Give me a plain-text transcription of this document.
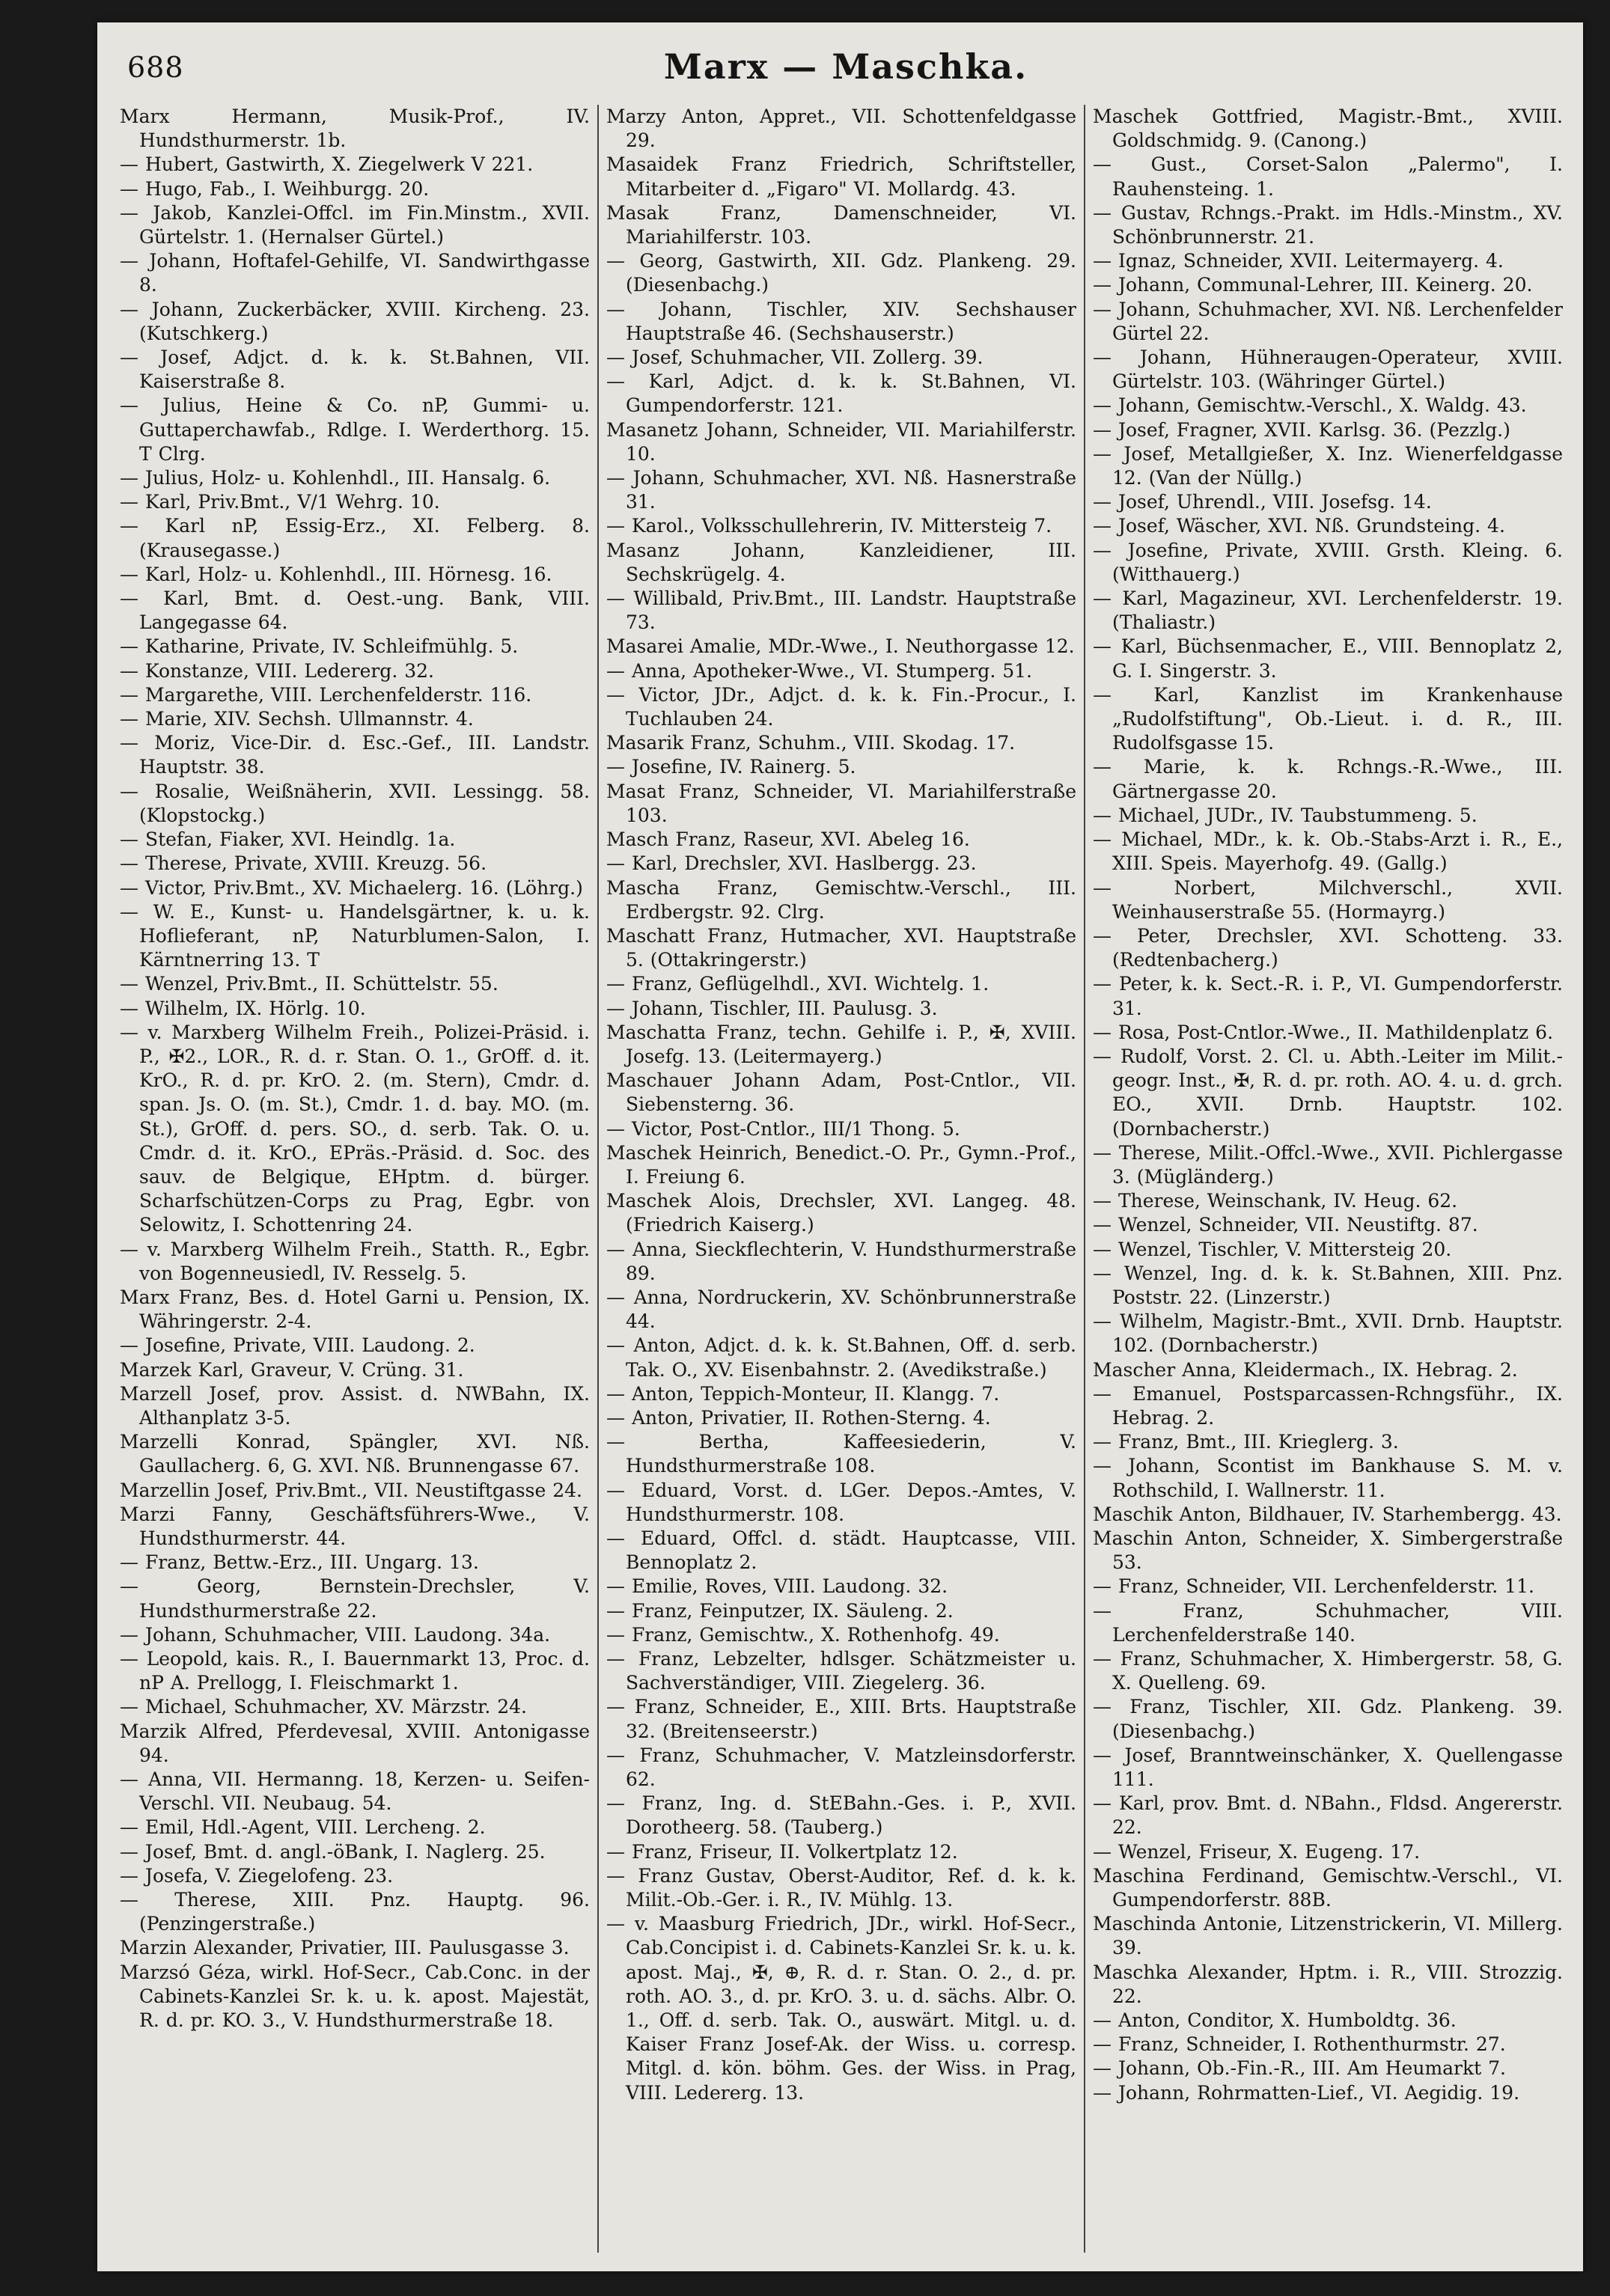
688	Marx — Maschka.
Marx Hermann, Musik-Prof., IV. Hundsthurmerstr. 1b.
— Hubert, Gastwirth, X. Ziegelwerk V 221.
— Hugo, Fab., I. Weihburgg. 20.
— Jakob, Kanzlei-Offcl. im Fin.Minstm., XVII. Gürtelstr. 1. (Hernalser Gürtel.)
— Johann, Hoftafel-Gehilfe, VI. Sandwirthgasse 8.
— Johann, Zuckerbäcker, XVIII. Kircheng. 23. (Kutschkerg.)
— Josef, Adjct. d. k. k. St.Bahnen, VII. Kaiserstraße 8.
— Julius, Heine & Co. nP, Gummi- u. Guttaperchawfab., Rdlge. I. Werderthorg. 15. T Clrg.
— Julius, Holz- u. Kohlenhdl., III. Hansalg. 6.
— Karl, Priv.Bmt., V/1 Wehrg. 10.
— Karl nP, Essig-Erz., XI. Felberg. 8. (Krausegasse.)
— Karl, Holz- u. Kohlenhdl., III. Hörnesg. 16.
— Karl, Bmt. d. Oest.-ung. Bank, VIII. Langegasse 64.
— Katharine, Private, IV. Schleifmühlg. 5.
— Konstanze, VIII. Ledererg. 32.
— Margarethe, VIII. Lerchenfelderstr. 116.
— Marie, XIV. Sechsh. Ullmannstr. 4.
— Moriz, Vice-Dir. d. Esc.-Gef., III. Landstr. Hauptstr. 38.
— Rosalie, Weißnäherin, XVII. Lessingg. 58. (Klopstockg.)
— Stefan, Fiaker, XVI. Heindlg. 1a.
— Therese, Private, XVIII. Kreuzg. 56.
— Victor, Priv.Bmt., XV. Michaelerg. 16. (Löhrg.)
— W. E., Kunst- u. Handelsgärtner, k. u. k. Hoflieferant, nP, Naturblumen-Salon, I. Kärntnerring 13. T
— Wenzel, Priv.Bmt., II. Schüttelstr. 55.
— Wilhelm, IX. Hörlg. 10.
— v. Marxberg Wilhelm Freih., Polizei-Präsid. i. P., ✠2., LOR., R. d. r. Stan. O. 1., GrOff. d. it. KrO., R. d. pr. KrO. 2. (m. Stern), Cmdr. d. span. Js. O. (m. St.), Cmdr. 1. d. bay. MO. (m. St.), GrOff. d. pers. SO., d. serb. Tak. O. u. Cmdr. d. it. KrO., EPräs.-Präsid. d. Soc. des sauv. de Belgique, EHptm. d. bürger. Scharfschützen-Corps zu Prag, Egbr. von Selowitz, I. Schottenring 24.
— v. Marxberg Wilhelm Freih., Statth. R., Egbr. von Bogenneusiedl, IV. Resselg. 5.
Marx Franz, Bes. d. Hotel Garni u. Pension, IX. Währingerstr. 2-4.
— Josefine, Private, VIII. Laudong. 2.
Marzek Karl, Graveur, V. Crüng. 31.
Marzell Josef, prov. Assist. d. NWBahn, IX. Althanplatz 3-5.
Marzelli Konrad, Spängler, XVI. Nß. Gaullacherg. 6, G. XVI. Nß. Brunnengasse 67.
Marzellin Josef, Priv.Bmt., VII. Neustiftgasse 24.
Marzi Fanny, Geschäftsführers-Wwe., V. Hundsthurmerstr. 44.
— Franz, Bettw.-Erz., III. Ungarg. 13.
— Georg, Bernstein-Drechsler, V. Hundsthurmerstraße 22.
— Johann, Schuhmacher, VIII. Laudong. 34a.
— Leopold, kais. R., I. Bauernmarkt 13, Proc. d. nP A. Prellogg, I. Fleischmarkt 1.
— Michael, Schuhmacher, XV. Märzstr. 24.
Marzik Alfred, Pferdevesal, XVIII. Antonigasse 94.
— Anna, VII. Hermanng. 18, Kerzen- u. Seifen-Verschl. VII. Neubaug. 54.
— Emil, Hdl.-Agent, VIII. Lercheng. 2.
— Josef, Bmt. d. angl.-öBank, I. Naglerg. 25.
— Josefa, V. Ziegelofeng. 23.
— Therese, XIII. Pnz. Hauptg. 96. (Penzingerstraße.)
Marzin Alexander, Privatier, III. Paulusgasse 3.
Marzsó Géza, wirkl. Hof-Secr., Cab.Conc. in der Cabinets-Kanzlei Sr. k. u. k. apost. Majestät, R. d. pr. KO. 3., V. Hundsthurmerstraße 18.
Marzy Anton, Appret., VII. Schottenfeldgasse 29.
Masaidek Franz Friedrich, Schriftsteller, Mitarbeiter d. „Figaro" VI. Mollardg. 43.
Masak Franz, Damenschneider, VI. Mariahilferstr. 103.
— Georg, Gastwirth, XII. Gdz. Plankeng. 29. (Diesenbachg.)
— Johann, Tischler, XIV. Sechshauser Hauptstraße 46. (Sechshauserstr.)
— Josef, Schuhmacher, VII. Zollerg. 39.
— Karl, Adjct. d. k. k. St.Bahnen, VI. Gumpendorferstr. 121.
Masanetz Johann, Schneider, VII. Mariahilferstr. 10.
— Johann, Schuhmacher, XVI. Nß. Hasnerstraße 31.
— Karol., Volksschullehrerin, IV. Mittersteig 7.
Masanz Johann, Kanzleidiener, III. Sechskrügelg. 4.
— Willibald, Priv.Bmt., III. Landstr. Hauptstraße 73.
Masarei Amalie, MDr.-Wwe., I. Neuthorgasse 12.
— Anna, Apotheker-Wwe., VI. Stumperg. 51.
— Victor, JDr., Adjct. d. k. k. Fin.-Procur., I. Tuchlauben 24.
Masarik Franz, Schuhm., VIII. Skodag. 17.
— Josefine, IV. Rainerg. 5.
Masat Franz, Schneider, VI. Mariahilferstraße 103.
Masch Franz, Raseur, XVI. Abeleg 16.
— Karl, Drechsler, XVI. Haslbergg. 23.
Mascha Franz, Gemischtw.-Verschl., III. Erdbergstr. 92. Clrg.
Maschatt Franz, Hutmacher, XVI. Hauptstraße 5. (Ottakringerstr.)
— Franz, Geflügelhdl., XVI. Wichtelg. 1.
— Johann, Tischler, III. Paulusg. 3.
Maschatta Franz, techn. Gehilfe i. P., ✠, XVIII. Josefg. 13. (Leitermayerg.)
Maschauer Johann Adam, Post-Cntlor., VII. Siebensterng. 36.
— Victor, Post-Cntlor., III/1 Thong. 5.
Maschek Heinrich, Benedict.-O. Pr., Gymn.-Prof., I. Freiung 6.
Maschek Alois, Drechsler, XVI. Langeg. 48. (Friedrich Kaiserg.)
— Anna, Sieckflechterin, V. Hundsthurmerstraße 89.
— Anna, Nordruckerin, XV. Schönbrunnerstraße 44.
— Anton, Adjct. d. k. k. St.Bahnen, Off. d. serb. Tak. O., XV. Eisenbahnstr. 2. (Avedikstraße.)
— Anton, Teppich-Monteur, II. Klangg. 7.
— Anton, Privatier, II. Rothen-Sterng. 4.
— Bertha, Kaffeesiederin, V. Hundsthurmerstraße 108.
— Eduard, Vorst. d. LGer. Depos.-Amtes, V. Hundsthurmerstr. 108.
— Eduard, Offcl. d. städt. Hauptcasse, VIII. Bennoplatz 2.
— Emilie, Roves, VIII. Laudong. 32.
— Franz, Feinputzer, IX. Säuleng. 2.
— Franz, Gemischtw., X. Rothenhofg. 49.
— Franz, Lebzelter, hdlsger. Schätzmeister u. Sachverständiger, VIII. Ziegelerg. 36.
— Franz, Schneider, E., XIII. Brts. Hauptstraße 32. (Breitenseerstr.)
— Franz, Schuhmacher, V. Matzleinsdorferstr. 62.
— Franz, Ing. d. StEBahn.-Ges. i. P., XVII. Dorotheerg. 58. (Tauberg.)
— Franz, Friseur, II. Volkertplatz 12.
— Franz Gustav, Oberst-Auditor, Ref. d. k. k. Milit.-Ob.-Ger. i. R., IV. Mühlg. 13.
— v. Maasburg Friedrich, JDr., wirkl. Hof-Secr., Cab.Concipist i. d. Cabinets-Kanzlei Sr. k. u. k. apost. Maj., ✠, ⊕, R. d. r. Stan. O. 2., d. pr. roth. AO. 3., d. pr. KrO. 3. u. d. sächs. Albr. O. 1., Off. d. serb. Tak. O., auswärt. Mitgl. u. d. Kaiser Franz Josef-Ak. der Wiss. u. corresp. Mitgl. d. kön. böhm. Ges. der Wiss. in Prag, VIII. Ledererg. 13.
Maschek Gottfried, Magistr.-Bmt., XVIII. Goldschmidg. 9. (Canong.)
— Gust., Corset-Salon „Palermo", I. Rauhensteing. 1.
— Gustav, Rchngs.-Prakt. im Hdls.-Minstm., XV. Schönbrunnerstr. 21.
— Ignaz, Schneider, XVII. Leitermayerg. 4.
— Johann, Communal-Lehrer, III. Keinerg. 20.
— Johann, Schuhmacher, XVI. Nß. Lerchenfelder Gürtel 22.
— Johann, Hühneraugen-Operateur, XVIII. Gürtelstr. 103. (Währinger Gürtel.)
— Johann, Gemischtw.-Verschl., X. Waldg. 43.
— Josef, Fragner, XVII. Karlsg. 36. (Pezzlg.)
— Josef, Metallgießer, X. Inz. Wienerfeldgasse 12. (Van der Nüllg.)
— Josef, Uhrendl., VIII. Josefsg. 14.
— Josef, Wäscher, XVI. Nß. Grundsteing. 4.
— Josefine, Private, XVIII. Grsth. Kleing. 6. (Witthauerg.)
— Karl, Magazineur, XVI. Lerchenfelderstr. 19. (Thaliastr.)
— Karl, Büchsenmacher, E., VIII. Bennoplatz 2, G. I. Singerstr. 3.
— Karl, Kanzlist im Krankenhause „Rudolfstiftung", Ob.-Lieut. i. d. R., III. Rudolfsgasse 15.
— Marie, k. k. Rchngs.-R.-Wwe., III. Gärtnergasse 20.
— Michael, JUDr., IV. Taubstummeng. 5.
— Michael, MDr., k. k. Ob.-Stabs-Arzt i. R., E., XIII. Speis. Mayerhofg. 49. (Gallg.)
— Norbert, Milchverschl., XVII. Weinhauserstraße 55. (Hormayrg.)
— Peter, Drechsler, XVI. Schotteng. 33. (Redtenbacherg.)
— Peter, k. k. Sect.-R. i. P., VI. Gumpendorferstr. 31.
— Rosa, Post-Cntlor.-Wwe., II. Mathildenplatz 6.
— Rudolf, Vorst. 2. Cl. u. Abth.-Leiter im Milit.-geogr. Inst., ✠, R. d. pr. roth. AO. 4. u. d. grch. EO., XVII. Drnb. Hauptstr. 102. (Dornbacherstr.)
— Therese, Milit.-Offcl.-Wwe., XVII. Pichlergasse 3. (Mügländerg.)
— Therese, Weinschank, IV. Heug. 62.
— Wenzel, Schneider, VII. Neustiftg. 87.
— Wenzel, Tischler, V. Mittersteig 20.
— Wenzel, Ing. d. k. k. St.Bahnen, XIII. Pnz. Poststr. 22. (Linzerstr.)
— Wilhelm, Magistr.-Bmt., XVII. Drnb. Hauptstr. 102. (Dornbacherstr.)
Mascher Anna, Kleidermach., IX. Hebrag. 2.
— Emanuel, Postsparcassen-Rchngsführ., IX. Hebrag. 2.
— Franz, Bmt., III. Krieglerg. 3.
— Johann, Scontist im Bankhause S. M. v. Rothschild, I. Wallnerstr. 11.
Maschik Anton, Bildhauer, IV. Starhembergg. 43.
Maschin Anton, Schneider, X. Simbergerstraße 53.
— Franz, Schneider, VII. Lerchenfelderstr. 11.
— Franz, Schuhmacher, VIII. Lerchenfelderstraße 140.
— Franz, Schuhmacher, X. Himbergerstr. 58, G. X. Quelleng. 69.
— Franz, Tischler, XII. Gdz. Plankeng. 39. (Diesenbachg.)
— Josef, Branntweinschänker, X. Quellengasse 111.
— Karl, prov. Bmt. d. NBahn., Fldsd. Angererstr. 22.
— Wenzel, Friseur, X. Eugeng. 17.
Maschina Ferdinand, Gemischtw.-Verschl., VI. Gumpendorferstr. 88B.
Maschinda Antonie, Litzenstrickerin, VI. Millerg. 39.
Maschka Alexander, Hptm. i. R., VIII. Strozzig. 22.
— Anton, Conditor, X. Humboldtg. 36.
— Franz, Schneider, I. Rothenthurmstr. 27.
— Johann, Ob.-Fin.-R., III. Am Heumarkt 7.
— Johann, Rohrmatten-Lief., VI. Aegidig. 19.
